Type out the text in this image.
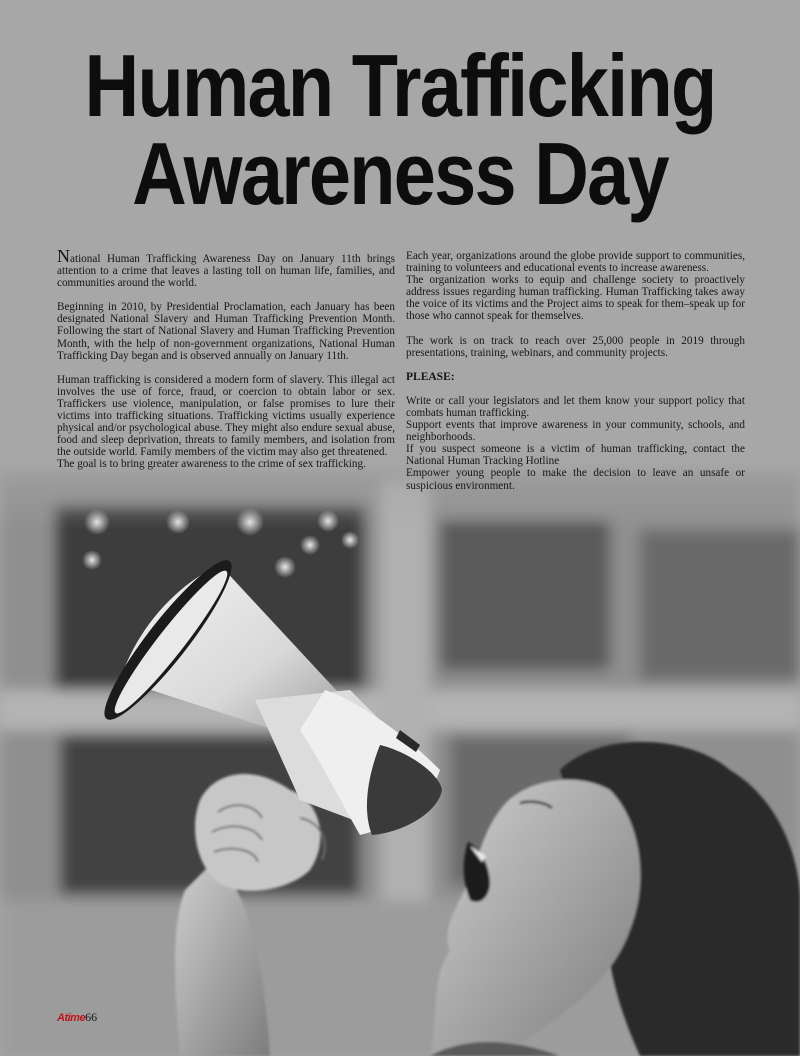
Human Trafficking
Awareness Day

National Human Trafficking Awareness Day on January 11th brings attention to a crime that leaves a lasting toll on human life, families, and communities around the world.

Beginning in 2010, by Presidential Proclamation, each January has been designated National Slavery and Human Trafficking Prevention Month. Following the start of National Slavery and Human Trafficking Prevention Month, with the help of non-government organizations, National Human Trafficking Day began and is observed annually on January 11th.

Human trafficking is considered a modern form of slavery. This illegal act involves the use of force, fraud, or coercion to obtain labor or sex. Traffickers use violence, manipulation, or false promises to lure their victims into trafficking situations. Trafficking victims usually experience physical and/or psychological abuse. They might also endure sexual abuse, food and sleep deprivation, threats to family members, and isolation from the outside world. Family members of the victim may also get threatened.

The goal is to bring greater awareness to the crime of sex trafficking.

Each year, organizations around the globe provide support to communities, training to volunteers and educational events to increase awareness.

The organization works to equip and challenge society to proactively address issues regarding human trafficking. Human Trafficking takes away the voice of its victims and the Project aims to speak for them–speak up for those who cannot speak for themselves.

The work is on track to reach over 25,000 people in 2019 through presentations, training, webinars, and community projects.

PLEASE:

Write or call your legislators and let them know your support policy that combats human trafficking.

Support events that improve awareness in your community, schools, and neighborhoods.

If you suspect someone is a victim of human trafficking, contact the National Human Tracking Hotline

Empower young people to make the decision to leave an unsafe or suspicious environment.

Atime66
